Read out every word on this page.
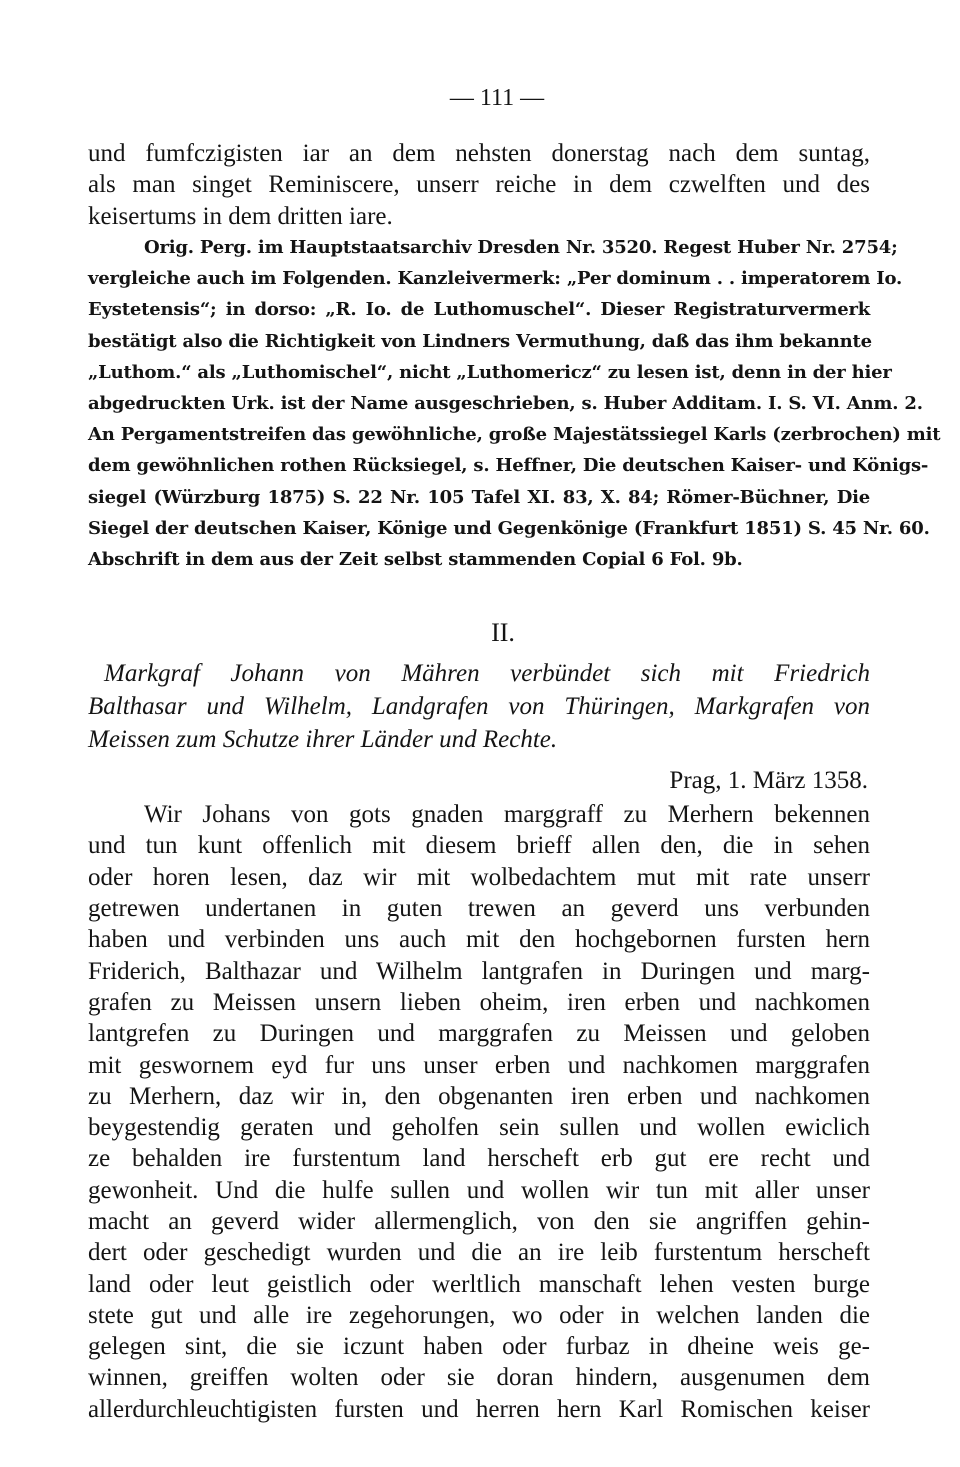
— 111 —
und fumfczigisten iar an dem nehsten donerstag nach dem suntag,
als man singet Reminiscere, unserr reiche in dem czwelften und des
keisertums in dem dritten iare.
Orig. Perg. im Hauptstaatsarchiv Dresden Nr. 3520. Regest Huber Nr. 2754;
vergleiche auch im Folgenden. Kanzleivermerk: „Per dominum . . imperatorem Io.
Eystetensis“; in dorso: „R. Io. de Luthomuschel“. Dieser Registraturvermerk
bestätigt also die Richtigkeit von Lindners Vermuthung, daß das ihm bekannte
„Luthom.“ als „Luthomischel“, nicht „Luthomericz“ zu lesen ist, denn in der hier
abgedruckten Urk. ist der Name ausgeschrieben, s. Huber Additam. I. S. VI. Anm. 2.
An Pergamentstreifen das gewöhnliche, große Majestätssiegel Karls (zerbrochen) mit
dem gewöhnlichen rothen Rücksiegel, s. Heffner, Die deutschen Kaiser- und Königs-
siegel (Würzburg 1875) S. 22 Nr. 105 Tafel XI. 83, X. 84; Römer-Büchner, Die
Siegel der deutschen Kaiser, Könige und Gegenkönige (Frankfurt 1851) S. 45 Nr. 60.
Abschrift in dem aus der Zeit selbst stammenden Copial 6 Fol. 9b.
II.
Markgraf Johann von Mähren verbündet sich mit Friedrich
Balthasar und Wilhelm, Landgrafen von Thüringen, Markgrafen von
Meissen zum Schutze ihrer Länder und Rechte.
Prag, 1. März 1358.
Wir Johans von gots gnaden marggraff zu Merhern bekennen
und tun kunt offenlich mit diesem brieff allen den, die in sehen
oder horen lesen, daz wir mit wolbedachtem mut mit rate unserr
getrewen undertanen in guten trewen an geverd uns verbunden
haben und verbinden uns auch mit den hochgebornen fursten hern
Friderich, Balthazar und Wilhelm lantgrafen in Duringen und marg-
grafen zu Meissen unsern lieben oheim, iren erben und nachkomen
lantgrefen zu Duringen und marggrafen zu Meissen und geloben
mit geswornem eyd fur uns unser erben und nachkomen marggrafen
zu Merhern, daz wir in, den obgenanten iren erben und nachkomen
beygestendig geraten und geholfen sein sullen und wollen ewiclich
ze behalden ire furstentum land herscheft erb gut ere recht und
gewonheit. Und die hulfe sullen und wollen wir tun mit aller unser
macht an geverd wider allermenglich, von den sie angriffen gehin-
dert oder geschedigt wurden und die an ire leib furstentum herscheft
land oder leut geistlich oder werltlich manschaft lehen vesten burge
stete gut und alle ire zegehorungen, wo oder in welchen landen die
gelegen sint, die sie iczunt haben oder furbaz in dheine weis ge-
winnen, greiffen wolten oder sie doran hindern, ausgenumen dem
allerdurchleuchtigisten fursten und herren hern Karl Romischen keiser
